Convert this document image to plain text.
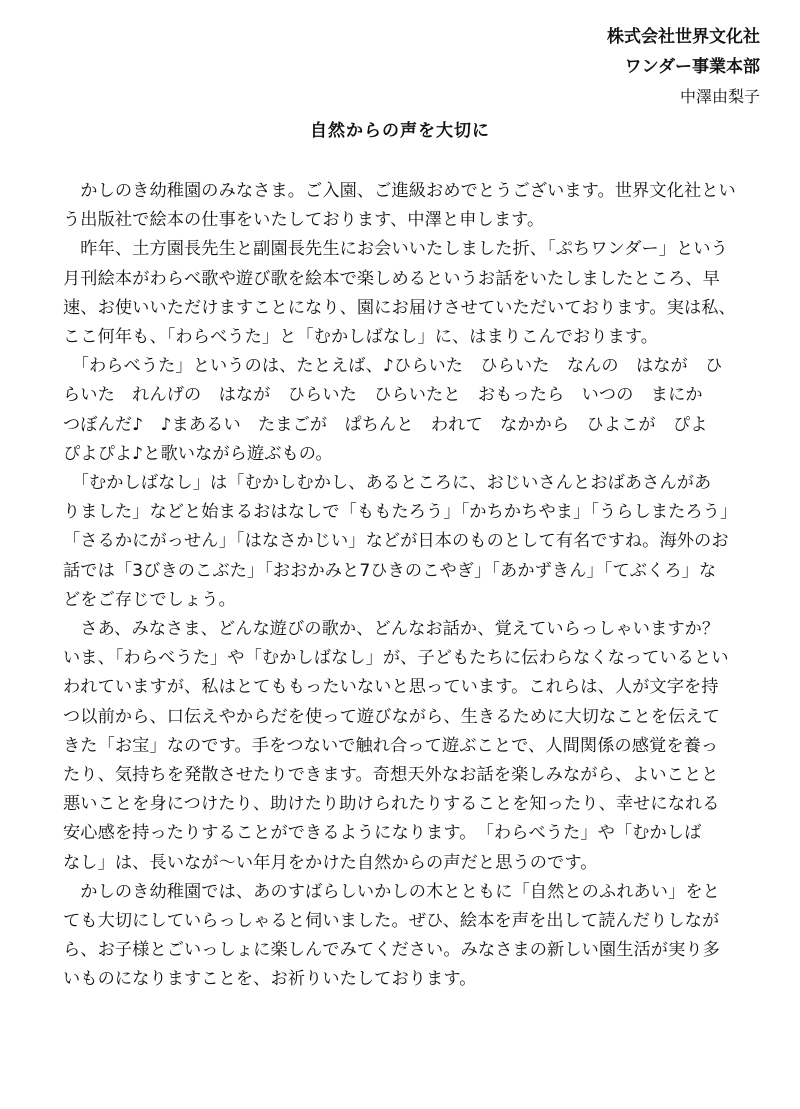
株式会社世界文化社
ワンダー事業本部
中澤由梨子
自然からの声を大切に
　かしのき幼稚園のみなさま。ご入園、ご進級おめでとうございます。世界文化社とい
う出版社で絵本の仕事をいたしております、中澤と申します。
　昨年、土方園長先生と副園長先生にお会いいたしました折、「ぷちワンダー」という
月刊絵本がわらべ歌や遊び歌を絵本で楽しめるというお話をいたしましたところ、早
速、お使いいただけますことになり、園にお届けさせていただいております。実は私、
ここ何年も、「わらべうた」と「むかしばなし」に、はまりこんでおります。
　「わらべうた」というのは、たとえば、♪ひらいた　ひらいた　なんの　はなが　ひ
らいた　れんげの　はなが　ひらいた　ひらいたと　おもったら　いつの　まにか
つぼんだ♪　♪まあるい　たまごが　ぱちんと　われて　なかから　ひよこが　ぴよ
ぴよぴよ♪と歌いながら遊ぶもの。
　「むかしばなし」は「むかしむかし、あるところに、おじいさんとおばあさんがあ
りました」などと始まるおはなしで「ももたろう」「かちかちやま」「うらしまたろう」
「さるかにがっせん」「はなさかじい」などが日本のものとして有名ですね。海外のお
話では「3びきのこぶた」「おおかみと7ひきのこやぎ」「あかずきん」「てぶくろ」な
どをご存じでしょう。
　さあ、みなさま、どんな遊びの歌か、どんなお話か、覚えていらっしゃいますか？
いま、「わらべうた」や「むかしばなし」が、子どもたちに伝わらなくなっているとい
われていますが、私はとてももったいないと思っています。これらは、人が文字を持
つ以前から、口伝えやからだを使って遊びながら、生きるために大切なことを伝えて
きた「お宝」なのです。手をつないで触れ合って遊ぶことで、人間関係の感覚を養っ
たり、気持ちを発散させたりできます。奇想天外なお話を楽しみながら、よいことと
悪いことを身につけたり、助けたり助けられたりすることを知ったり、幸せになれる
安心感を持ったりすることができるようになります。　「わらべうた」や「むかしば
なし」は、長いなが〜い年月をかけた自然からの声だと思うのです。
　かしのき幼稚園では、あのすばらしいかしの木とともに「自然とのふれあい」をと
ても大切にしていらっしゃると伺いました。ぜひ、絵本を声を出して読んだりしなが
ら、お子様とごいっしょに楽しんでみてください。みなさまの新しい園生活が実り多
いものになりますことを、お祈りいたしております。
